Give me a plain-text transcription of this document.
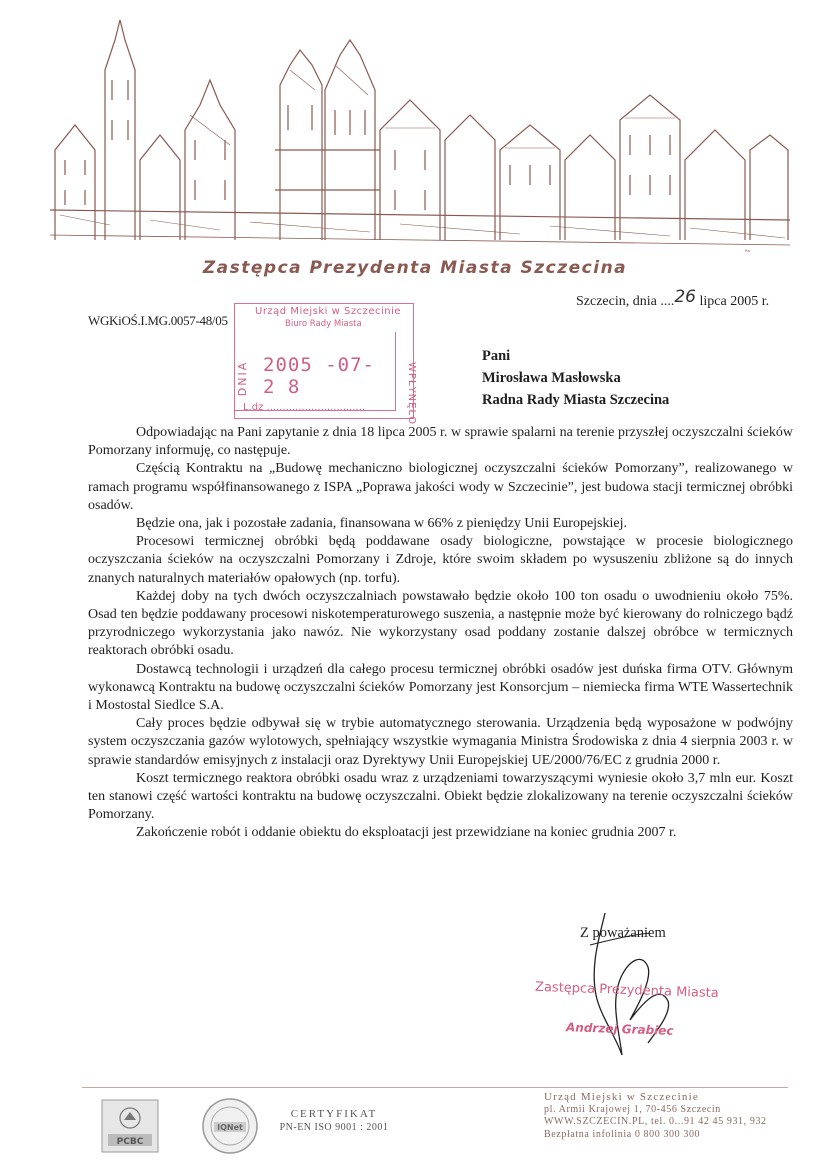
ᴿᵃ
Zastępca Prezydenta Miasta Szczecina
WGKiOŚ.I.MG.0057-48/05
Szczecin, dnia ....26 lipca 2005 r.
Urząd Miejski w Szczecinie
Biuro Rady Miasta
DNIA 2005 -07- 2 8	WPŁYNĘŁO
L.dz ...............................
Pani
Mirosława Masłowska
Radna Rady Miasta Szczecina

Odpowiadając na Pani zapytanie z dnia 18 lipca 2005 r. w sprawie spalarni na terenie przyszłej oczyszczalni ścieków Pomorzany informuję, co następuje.

Częścią Kontraktu na „Budowę mechaniczno biologicznej oczyszczalni ścieków Pomorzany”, realizowanego w ramach programu współfinansowanego z ISPA „Poprawa jakości wody w Szczecinie”, jest budowa stacji termicznej obróbki osadów.

Będzie ona, jak i pozostałe zadania, finansowana w 66% z pieniędzy Unii Europejskiej.

Procesowi termicznej obróbki będą poddawane osady biologiczne, powstające w procesie biologicznego oczyszczania ścieków na oczyszczalni Pomorzany i Zdroje, które swoim składem po wysuszeniu zbliżone są do innych znanych naturalnych materiałów opałowych (np. torfu).

Każdej doby na tych dwóch oczyszczalniach powstawało będzie około 100 ton osadu o uwodnieniu około 75%. Osad ten będzie poddawany procesowi niskotemperaturowego suszenia, a następnie może być kierowany do rolniczego bądź przyrodniczego wykorzystania jako nawóz. Nie wykorzystany osad poddany zostanie dalszej obróbce w termicznych reaktorach obróbki osadu.

Dostawcą technologii i urządzeń dla całego procesu termicznej obróbki osadów jest duńska firma OTV. Głównym wykonawcą Kontraktu na budowę oczyszczalni ścieków Pomorzany jest Konsorcjum – niemiecka firma WTE Wassertechnik i Mostostal Siedlce S.A.

Cały proces będzie odbywał się w trybie automatycznego sterowania. Urządzenia będą wyposażone w podwójny system oczyszczania gazów wylotowych, spełniający wszystkie wymagania Ministra Środowiska z dnia 4 sierpnia 2003 r. w sprawie standardów emisyjnych z instalacji oraz Dyrektywy Unii Europejskiej UE/2000/76/EC z grudnia 2000 r.

Koszt termicznego reaktora obróbki osadu wraz z urządzeniami towarzyszącymi wyniesie około 3,7 mln eur. Koszt ten stanowi część wartości kontraktu na budowę oczyszczalni. Obiekt będzie zlokalizowany na terenie oczyszczalni ścieków Pomorzany.

Zakończenie robót i oddanie obiektu do eksploatacji jest przewidziane na koniec grudnia 2007 r.

Z poważaniem
Zastępca Prezydenta Miasta
Andrzej Grabiec
PCBC
IQNet
CERTYFIKAT
PN-EN ISO 9001 : 2001
Urząd Miejski w Szczecinie
pl. Armii Krajowej 1, 70-456 Szczecin
WWW.SZCZECIN.PL, tel. 0...91 42 45 931, 932
Bezpłatna infolinia 0 800 300 300
